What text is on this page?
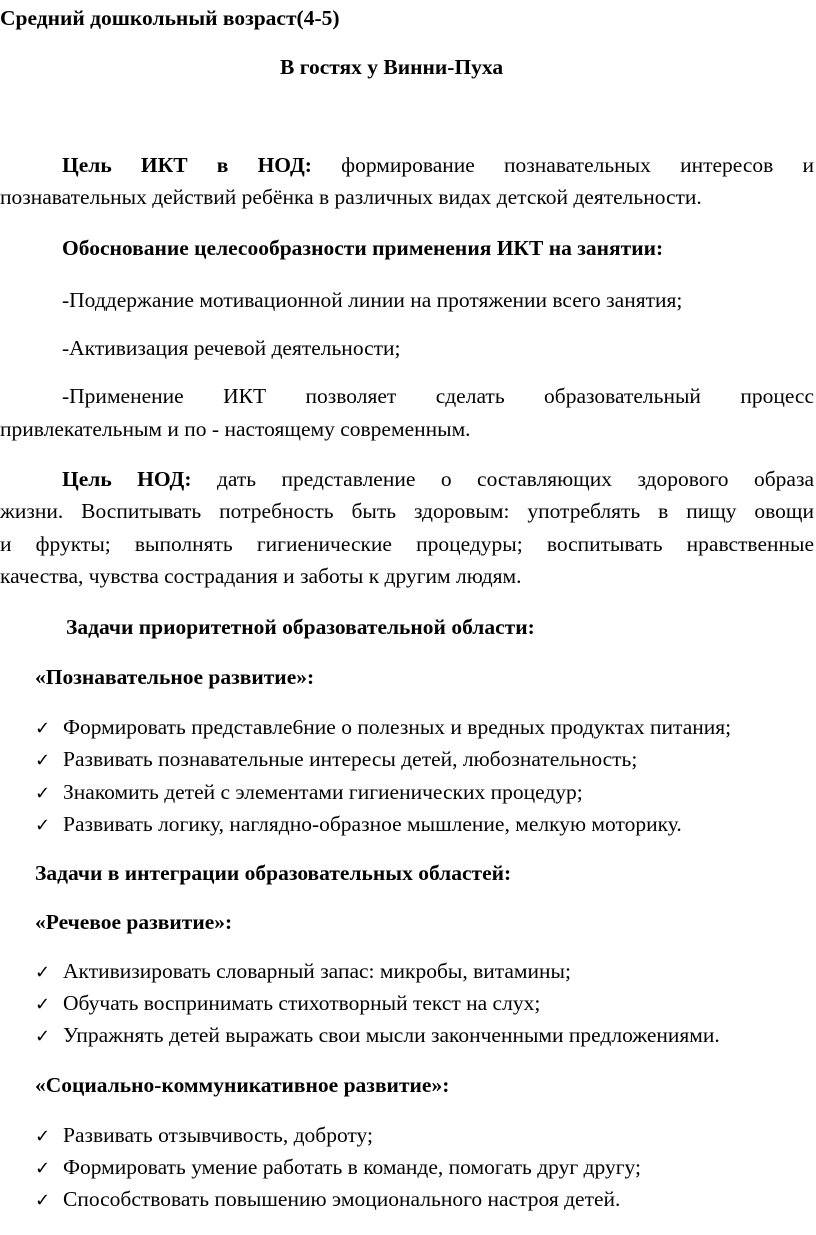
Средний дошкольный возраст(4-5)
В гостях у Винни-Пуха
Цель ИКТ в НОД: формирование познавательных интересов и
познавательных действий ребёнка в различных видах детской деятельности.
Обоснование целесообразности применения ИКТ на занятии:
-Поддержание мотивационной линии на протяжении всего занятия;
-Активизация речевой деятельности;
-Применение ИКТ позволяет сделать образовательный процесс
привлекательным и по - настоящему современным.
Цель НОД: дать представление о составляющих здорового образа
жизни. Воспитывать потребность быть здоровым: употреблять в пищу овощи
и фрукты; выполнять гигиенические процедуры; воспитывать нравственные
качества, чувства сострадания и заботы к другим людям.
Задачи приоритетной образовательной области:
«Познавательное развитие»:
✓ Формировать представле6ние о полезных и вредных продуктах питания;
✓ Развивать познавательные интересы детей, любознательность;
✓ Знакомить детей с элементами гигиенических процедур;
✓ Развивать логику, наглядно-образное мышление, мелкую моторику.
Задачи в интеграции образовательных областей:
«Речевое развитие»:
✓ Активизировать словарный запас: микробы, витамины;
✓ Обучать воспринимать стихотворный текст на слух;
✓ Упражнять детей выражать свои мысли законченными предложениями.
«Социально-коммуникативное развитие»:
✓ Развивать отзывчивость, доброту;
✓ Формировать умение работать в команде, помогать друг другу;
✓ Способствовать повышению эмоционального настроя детей.
